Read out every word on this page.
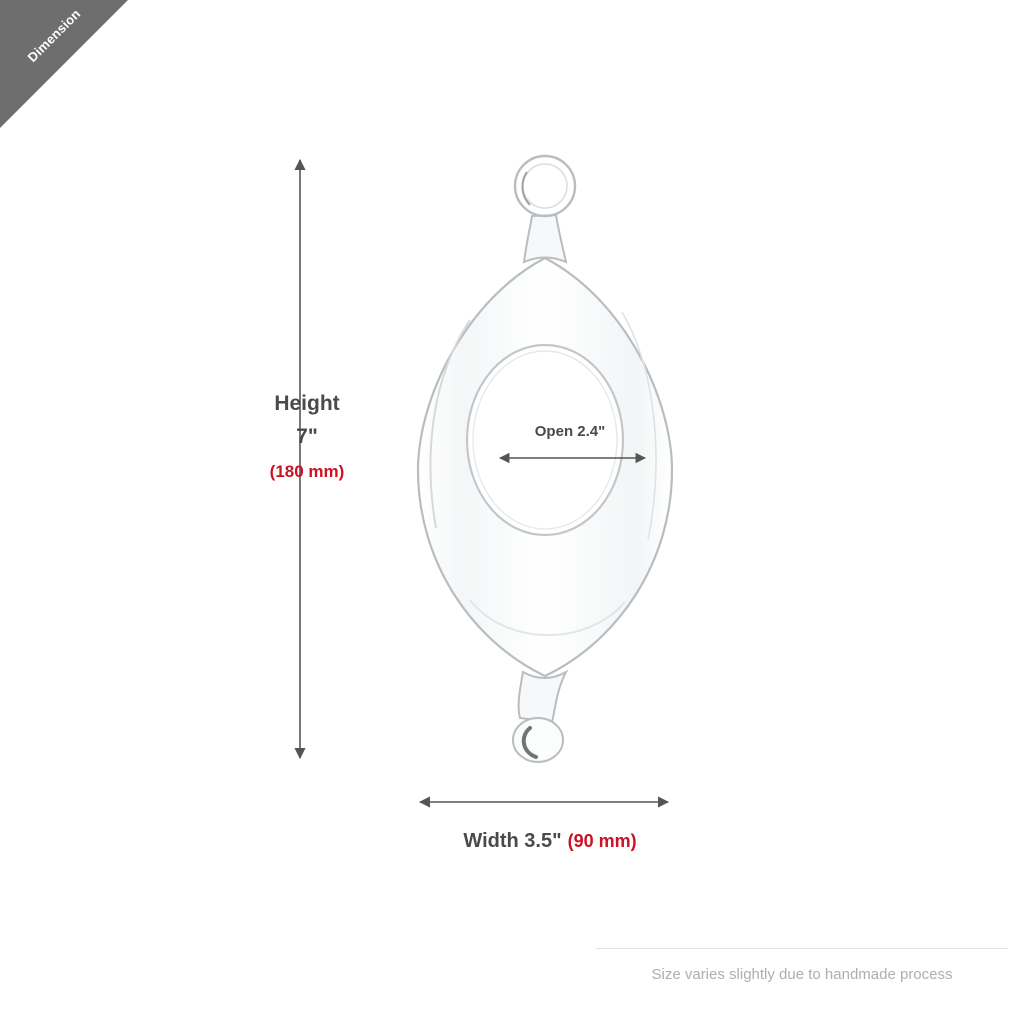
Dimension
Height
7"
(180 mm)
Width 3.5" (90 mm)
Open 2.4"
Size varies slightly due to handmade process
